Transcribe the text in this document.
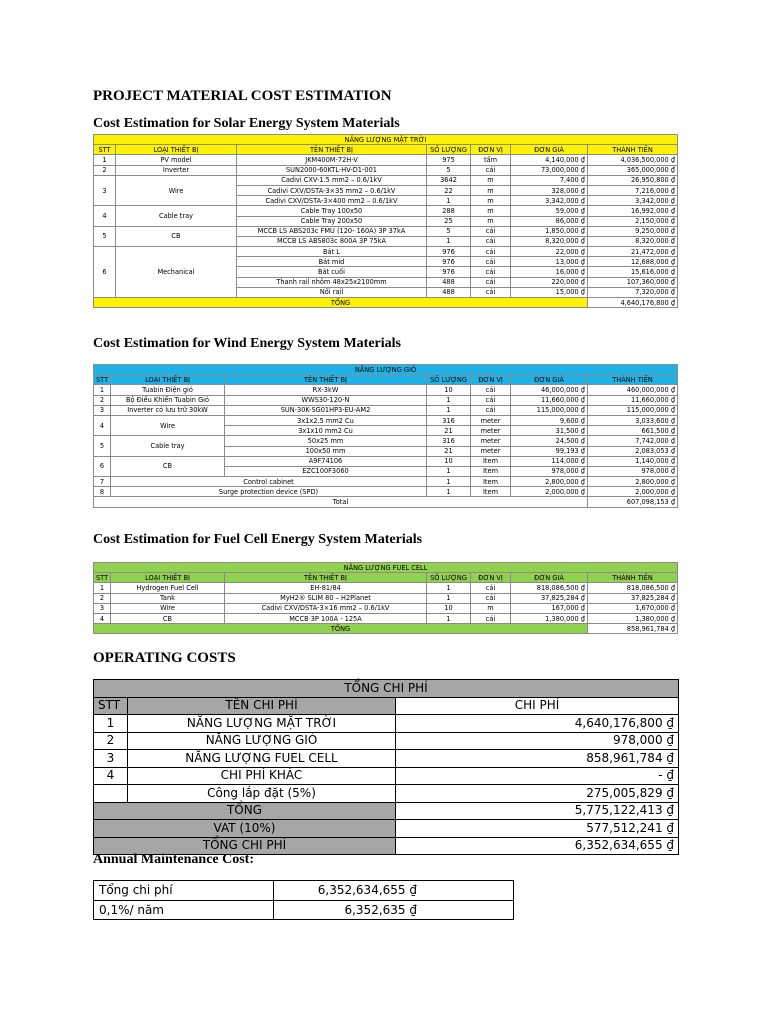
PROJECT MATERIAL COST ESTIMATION
Cost Estimation for Solar Energy System Materials
NĂNG LƯỢNG MẶT TRỜI						
STT	LOẠI THIẾT BỊ	TÊN THIẾT BỊ	SỐ LƯỢNG	ĐƠN VỊ	ĐƠN GIÁ	THÀNH TIỀN
1	PV model	JKM400M-72H-V	975	tấm	4,140,000 ₫	4,036,500,000 ₫
2	Inverter	SUN2000-60KTL-HV-D1-001	5	cái	73,000,000 ₫	365,000,000 ₫
3	Wire	Cadivi CXV-1.5 mm2 – 0.6/1kV	3642	m	7,400 ₫	26,950,800 ₫
		Cadivi CXV/DSTA-3×35 mm2 – 0.6/1kV	22	m	328,000 ₫	7,216,000 ₫
		Cadivi CXV/DSTA-3×400 mm2 – 0.6/1kV	1	m	3,342,000 ₫	3,342,000 ₫
4	Cable tray	Cable Tray 100x50	288	m	59,000 ₫	16,992,000 ₫
		Cable Tray 200x50	25	m	86,000 ₫	2,150,000 ₫
5	CB	MCCB LS ABS203c FMU (120- 160A) 3P 37kA	5	cái	1,850,000 ₫	9,250,000 ₫
		MCCB LS ABS803c 800A 3P 75kA	1	cái	8,320,000 ₫	8,320,000 ₫
6	Mechanical	Bát L	976	cái	22,000 ₫	21,472,000 ₫
		Bát mid	976	cái	13,000 ₫	12,688,000 ₫
		Bát cuối	976	cái	16,000 ₫	15,616,000 ₫
		Thanh rail nhôm 48x25x2100mm	488	cái	220,000 ₫	107,360,000 ₫
		Nối rail	488	cái	15,000 ₫	7,320,000 ₫
TỔNG						4,640,176,800 ₫
Cost Estimation for Wind Energy System Materials
NĂNG LƯỢNG GIÓ						
STT	LOẠI THIẾT BỊ	TÊN THIẾT BỊ	SỐ LƯỢNG	ĐƠN VỊ	ĐƠN GIÁ	THÀNH TIỀN
1	Tuabin Điện gió	RX-3kW	10	cái	46,000,000 ₫	460,000,000 ₫
2	Bộ Điều Khiển Tuabin Gió	WWS30-120-N	1	cái	11,660,000 ₫	11,660,000 ₫
3	Inverter có lưu trữ 30kW	SUN-30K-SG01HP3-EU-AM2	1	cái	115,000,000 ₫	115,000,000 ₫
4	Wire	3x1x2.5 mm2 Cu	316	meter	9,600 ₫	3,033,600 ₫
		3x1x10 mm2 Cu	21	meter	31,500 ₫	661,500 ₫
5	Cable tray	50x25 mm	316	meter	24,500 ₫	7,742,000 ₫
		100x50 mm	21	meter	99,193 ₫	2,083,053 ₫
6	CB	A9F74106	10	Item	114,000 ₫	1,140,000 ₫
		EZC100F3060	1	Item	978,000 ₫	978,000 ₫
7	Control cabinet		1	Item	2,800,000 ₫	2,800,000 ₫
8	Surge protection device (SPD)		1	Item	2,000,000 ₫	2,000,000 ₫
Total						607,098,153 ₫
Cost Estimation for Fuel Cell Energy System Materials
NĂNG LƯỢNG FUEL CELL						
STT	LOẠI THIẾT BỊ	TÊN THIẾT BỊ	SỐ LƯỢNG	ĐƠN VỊ	ĐƠN GIÁ	THÀNH TIỀN
1	Hydrogen Fuel Cell	EH-81/84	1	cái	818,086,500 ₫	818,086,500 ₫
2	Tank	MyH2® SLIM 80 – H2Planet	1	cái	37,825,284 ₫	37,825,284 ₫
3	Wire	Cadivi CXV/DSTA-3×16 mm2 – 0.6/1kV	10	m	167,000 ₫	1,670,000 ₫
4	CB	MCCB 3P 100A - 125A	1	cái	1,380,000 ₫	1,380,000 ₫
TỔNG						858,961,784 ₫
OPERATING COSTS
TỔNG CHI PHÍ		
STT	TÊN CHI PHÍ	CHI PHÍ
1	NĂNG LƯỢNG MẶT TRỜI	4,640,176,800 ₫
2	NĂNG LƯỢNG GIÓ	978,000 ₫
3	NĂNG LƯỢNG FUEL CELL	858,961,784 ₫
4	CHI PHÍ KHÁC	- ₫
	Công lắp đặt (5%)	275,005,829 ₫
TỔNG		5,775,122,413 ₫
VAT (10%)		577,512,241 ₫
TỔNG CHI PHÍ		6,352,634,655 ₫
Annual Maintenance Cost:
Tổng chi phí	6,352,634,655 ₫
0,1%/ năm	6,352,635 ₫
